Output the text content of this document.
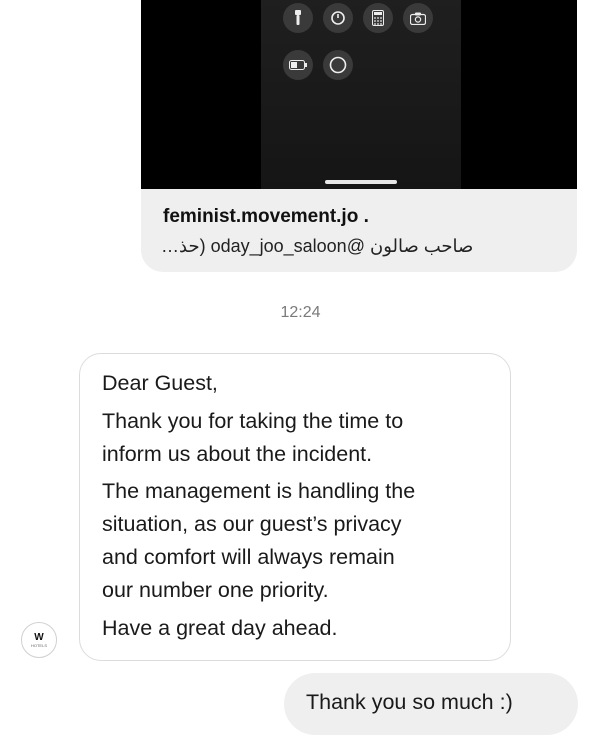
feminist.movement.jo .
صاحب صالون @oday_joo_saloon (حذ…
12:24
W
HOTELS
Dear Guest,
Thank you for taking the time to
inform us about the incident.
The management is handling the
situation, as our guest’s privacy
and comfort will always remain
our number one priority.
Have a great day ahead.
Thank you so much :)
